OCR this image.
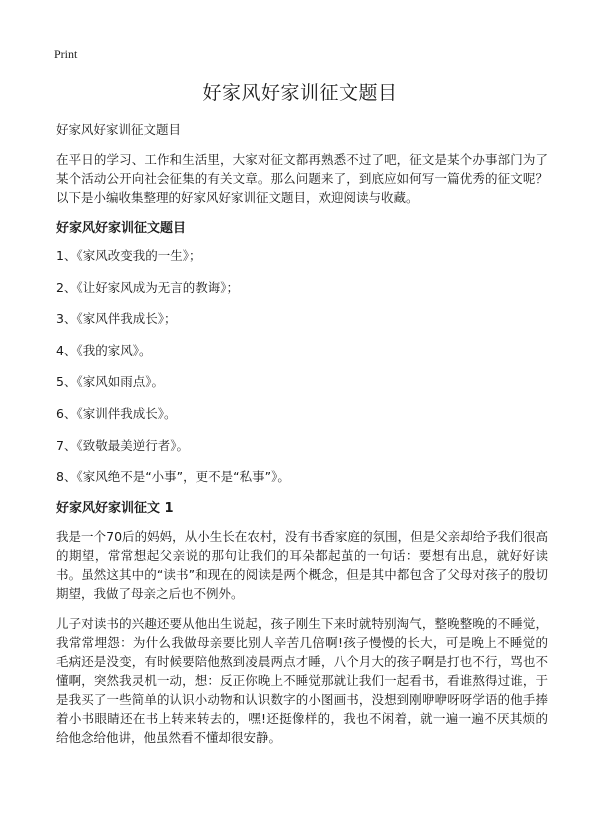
Print
好家风好家训征文题目
好家风好家训征文题目
在平日的学习、工作和生活里，大家对征文都再熟悉不过了吧，征文是某个办事部门为了某个活动公开向社会征集的有关文章。那么问题来了，到底应如何写一篇优秀的征文呢？以下是小编收集整理的好家风好家训征文题目，欢迎阅读与收藏。
好家风好家训征文题目
1、《家风改变我的一生》；
2、《让好家风成为无言的教诲》；
3、《家风伴我成长》；
4、《我的家风》。
5、《家风如雨点》。
6、《家训伴我成长》。
7、《致敬最美逆行者》。
8、《家风绝不是“小事”，更不是“私事”》。
好家风好家训征文 1
我是一个70后的妈妈，从小生长在农村，没有书香家庭的氛围，但是父亲却给予我们很高的期望，常常想起父亲说的那句让我们的耳朵都起茧的一句话：要想有出息，就好好读书。虽然这其中的“读书”和现在的阅读是两个概念，但是其中都包含了父母对孩子的殷切期望，我做了母亲之后也不例外。
儿子对读书的兴趣还要从他出生说起，孩子刚生下来时就特别淘气，整晚整晚的不睡觉，我常常埋怨：为什么我做母亲要比别人辛苦几倍啊!孩子慢慢的长大，可是晚上不睡觉的毛病还是没变，有时候要陪他熬到凌晨两点才睡，八个月大的孩子啊是打也不行，骂也不懂啊，突然我灵机一动，想：反正你晚上不睡觉那就让我们一起看书，看谁熬得过谁，于是我买了一些简单的认识小动物和认识数字的小图画书，没想到刚咿咿呀呀学语的他手捧着小书眼睛还在书上转来转去的，嘿!还挺像样的，我也不闲着，就一遍一遍不厌其烦的给他念给他讲，他虽然看不懂却很安静。
